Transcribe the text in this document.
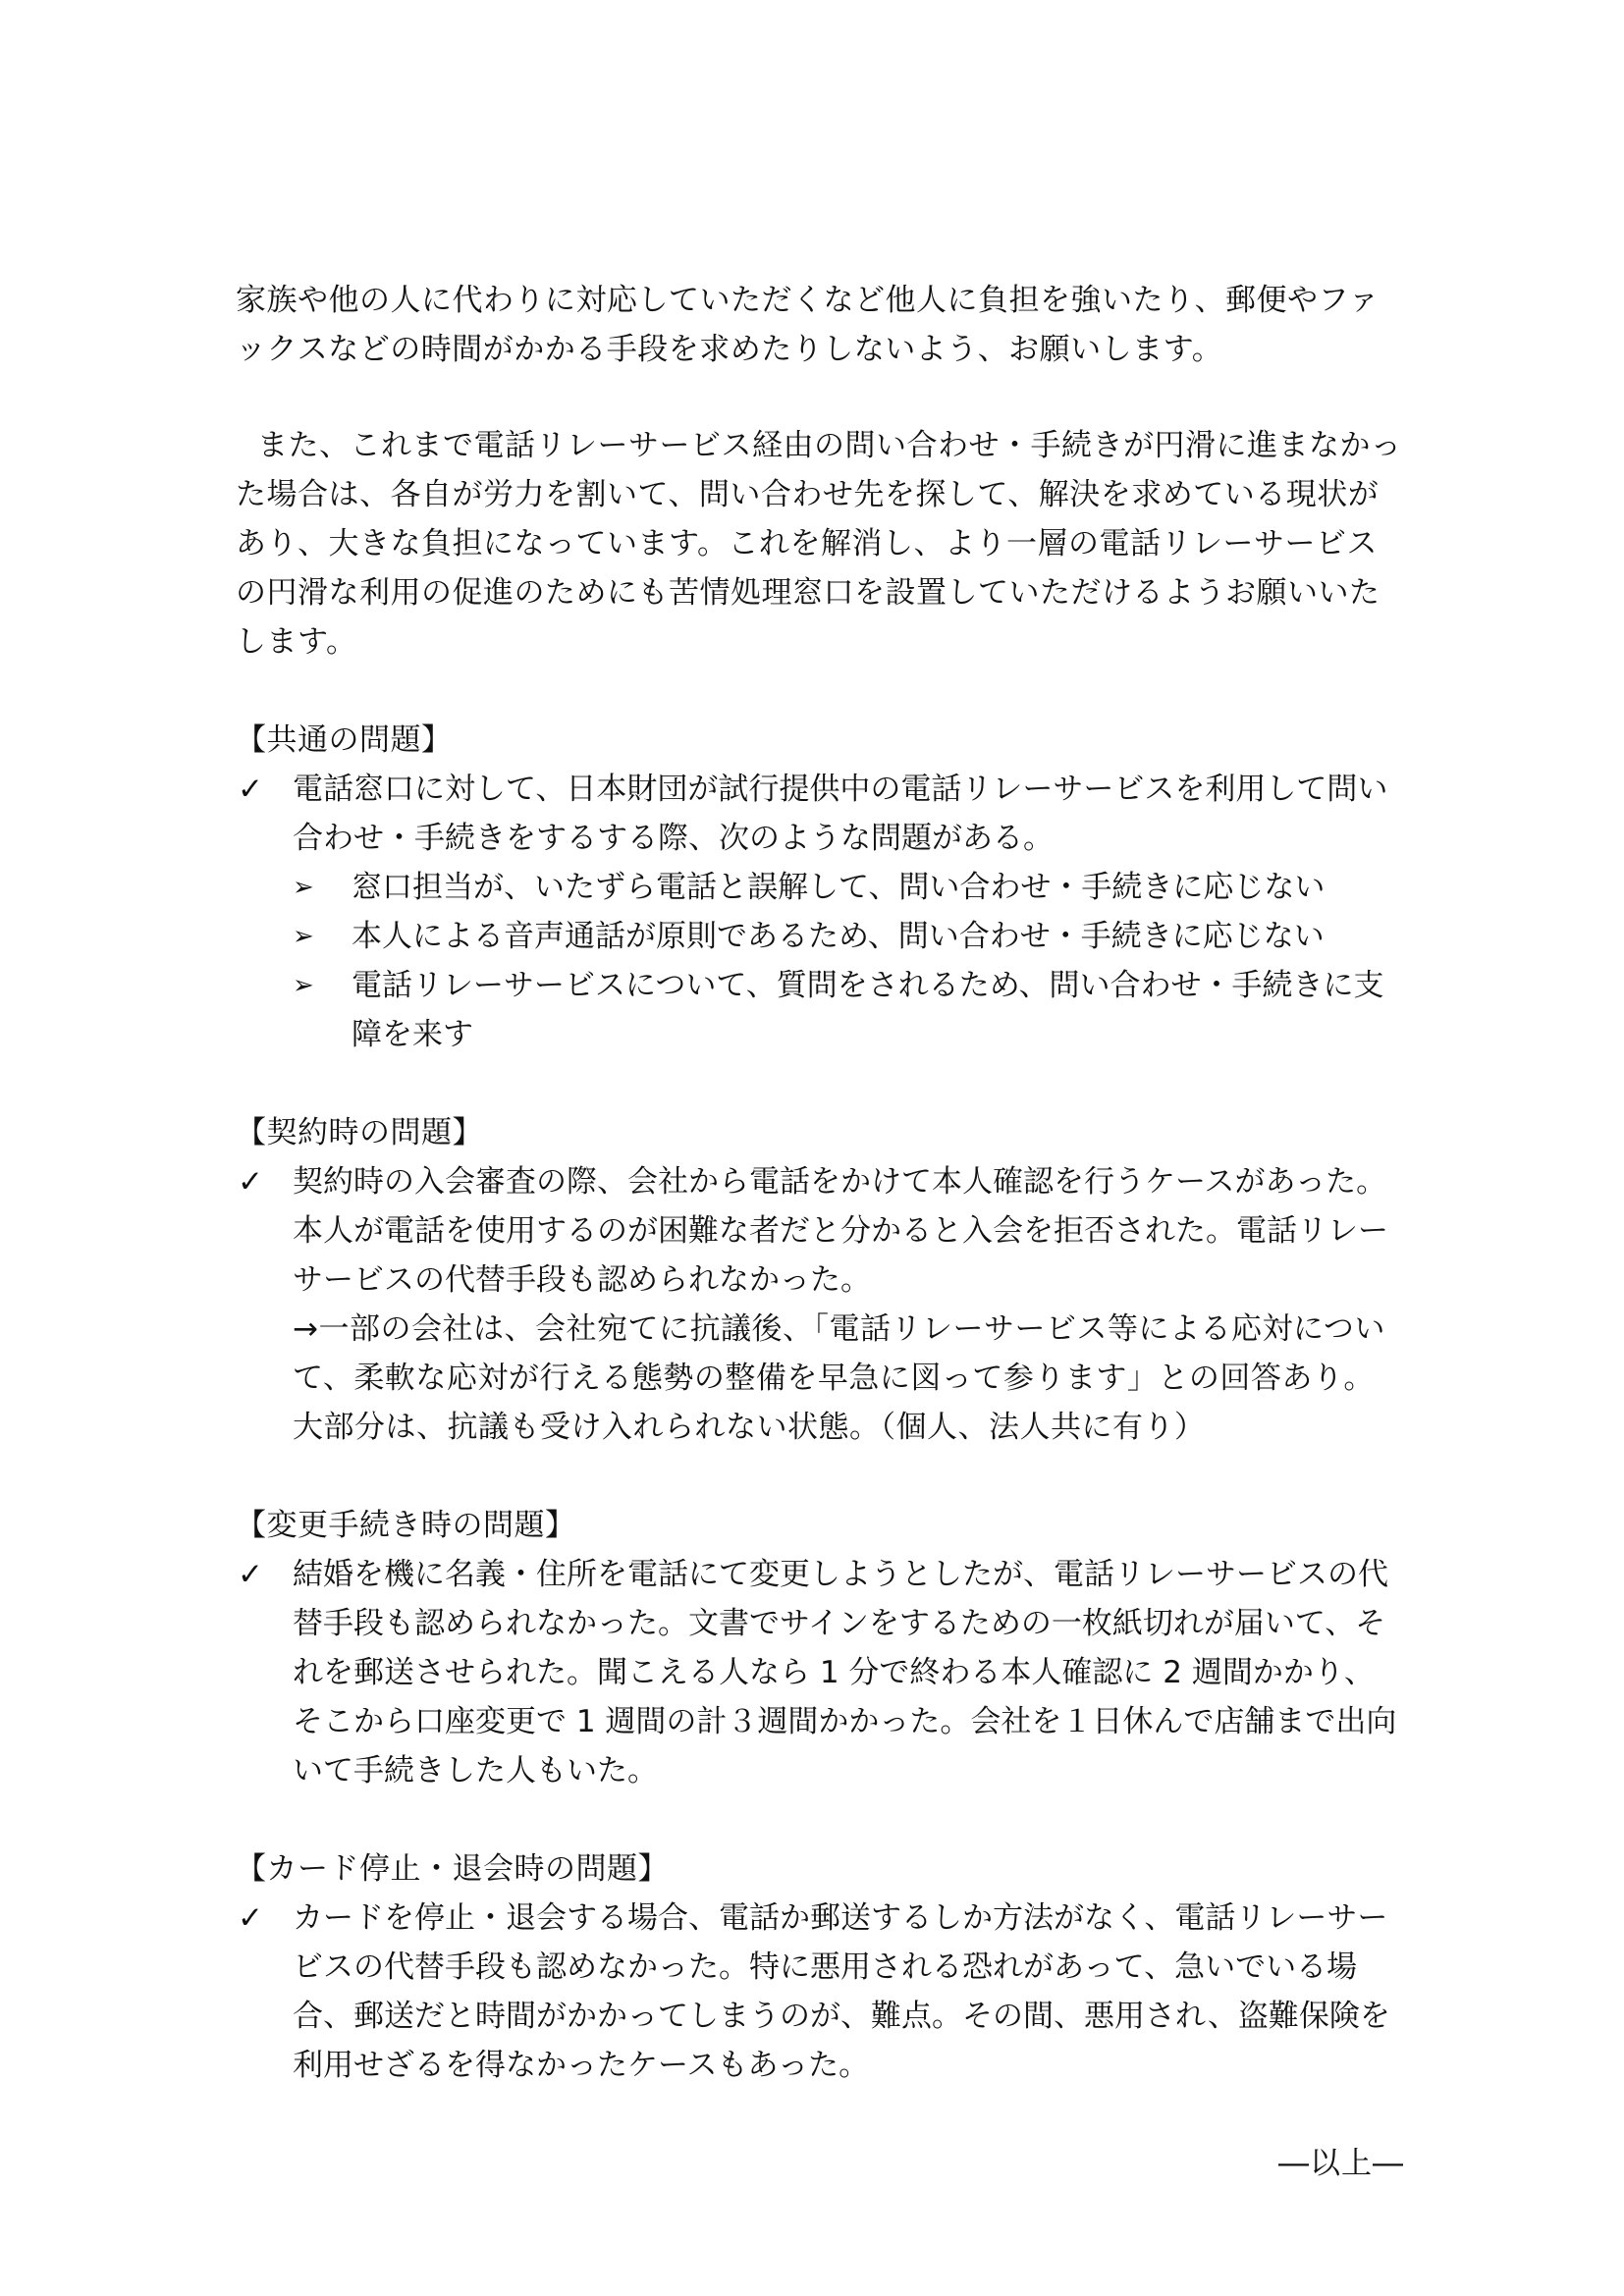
家族や他の人に代わりに対応していただくなど他人に負担を強いたり、郵便やファックスなどの時間がかかる手段を求めたりしないよう、お願いします。

また、これまで電話リレーサービス経由の問い合わせ・手続きが円滑に進まなかった場合は、各自が労力を割いて、問い合わせ先を探して、解決を求めている現状があり、大きな負担になっています。これを解消し、より一層の電話リレーサービスの円滑な利用の促進のためにも苦情処理窓口を設置していただけるようお願いいたします。

【共通の問題】

✓ 電話窓口に対して、日本財団が試行提供中の電話リレーサービスを利用して問い合わせ・手続きをするする際、次のような問題がある。
➢	窓口担当が、いたずら電話と誤解して、問い合わせ・手続きに応じない
➢	本人による音声通話が原則であるため、問い合わせ・手続きに応じない
➢	電話リレーサービスについて、質問をされるため、問い合わせ・手続きに支障を来す

【契約時の問題】

✓ 契約時の入会審査の際、会社から電話をかけて本人確認を行うケースがあった。本人が電話を使用するのが困難な者だと分かると入会を拒否された。電話リレーサービスの代替手段も認められなかった。

→一部の会社は、会社宛てに抗議後、「電話リレーサービス等による応対について、柔軟な応対が行える態勢の整備を早急に図って参ります」との回答あり。大部分は、抗議も受け入れられない状態。（個人、法人共に有り）

【変更手続き時の問題】

✓ 結婚を機に名義・住所を電話にて変更しようとしたが、電話リレーサービスの代替手段も認められなかった。文書でサインをするための一枚紙切れが届いて、それを郵送させられた。聞こえる人なら 1 分で終わる本人確認に 2 週間かかり、そこから口座変更で 1 週間の計３週間かかった。会社を１日休んで店舗まで出向いて手続きした人もいた。

【カード停止・退会時の問題】

✓ カードを停止・退会する場合、電話か郵送するしか方法がなく、電話リレーサービスの代替手段も認めなかった。特に悪用される恐れがあって、急いでいる場合、郵送だと時間がかかってしまうのが、難点。その間、悪用され、盗難保険を利用せざるを得なかったケースもあった。

―以上―
